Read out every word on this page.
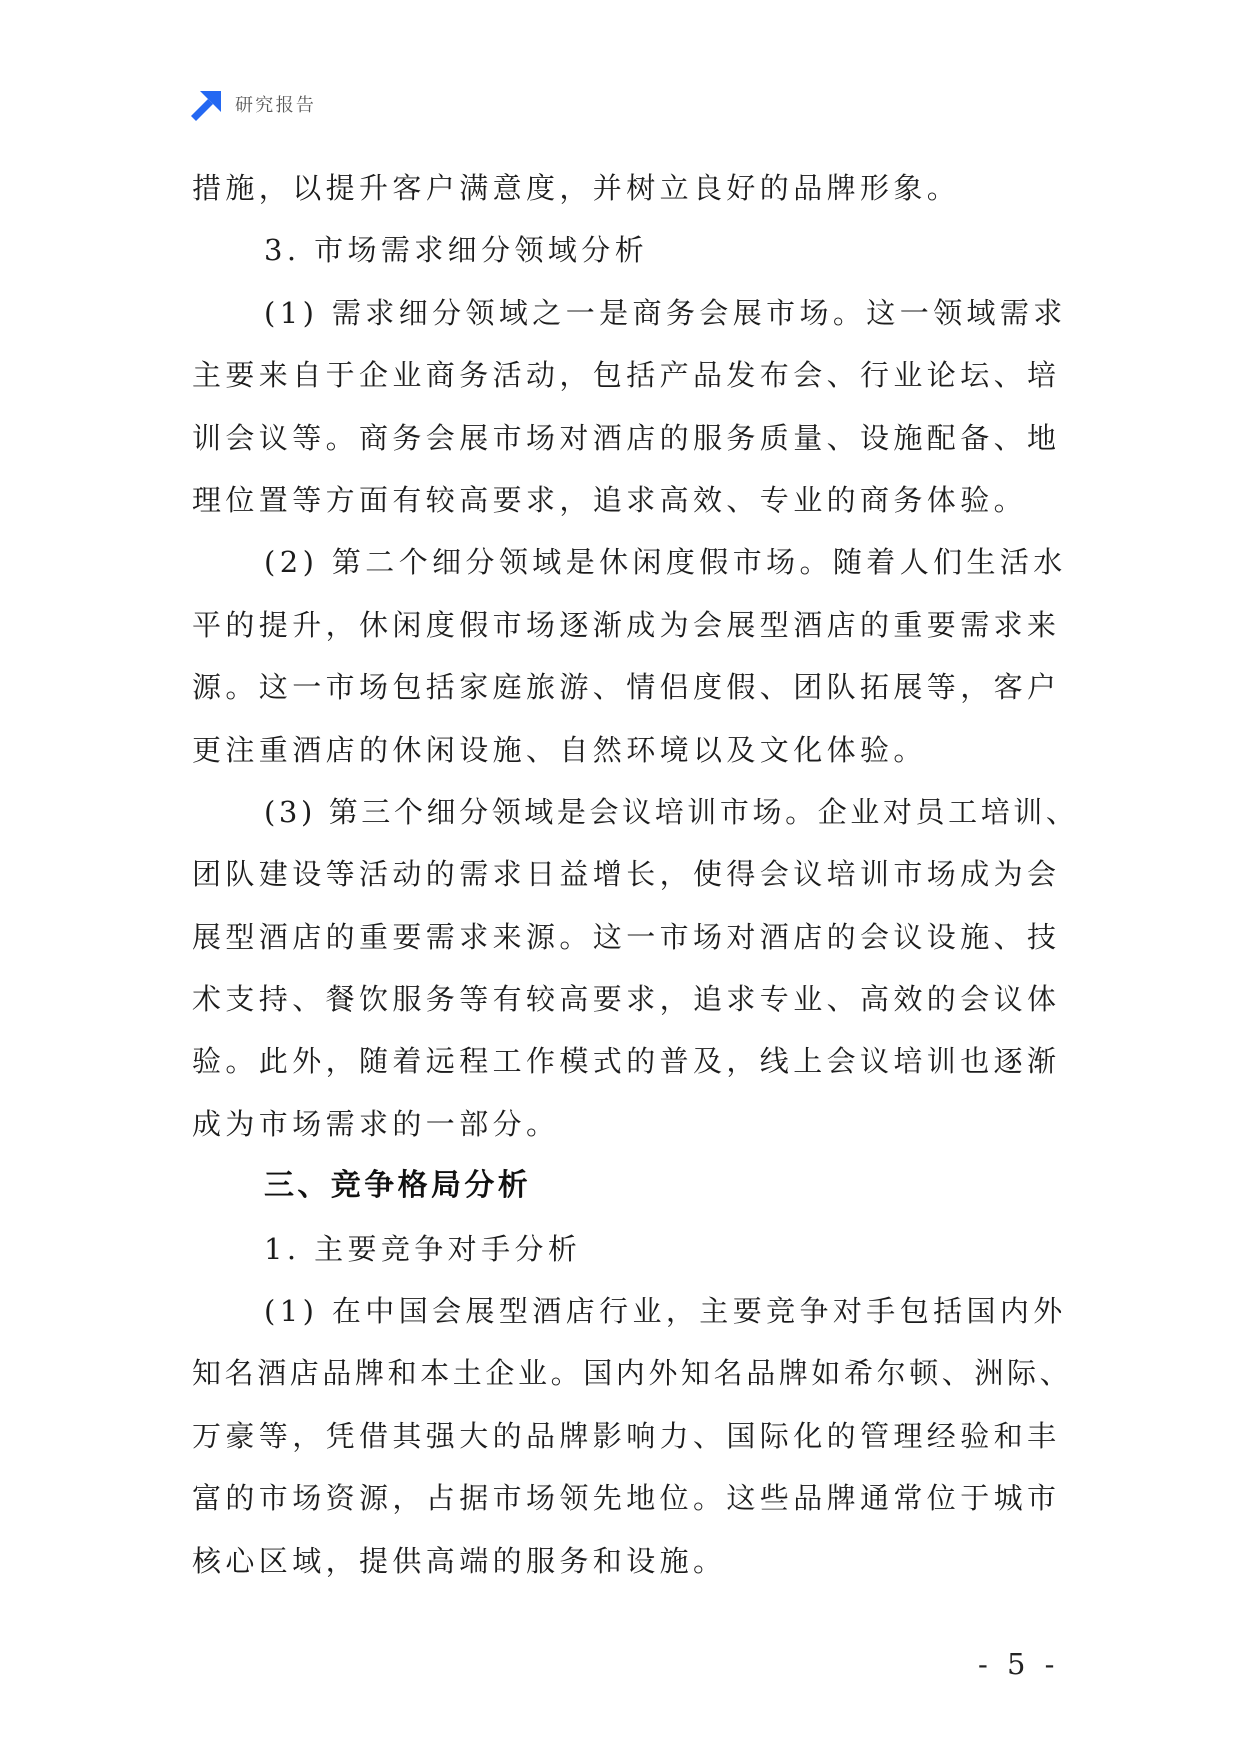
研究报告
措施，以提升客户满意度，并树立良好的品牌形象。
3. 市场需求细分领域分析
(1) 需求细分领域之一是商务会展市场。这一领域需求
主要来自于企业商务活动，包括产品发布会、行业论坛、培
训会议等。商务会展市场对酒店的服务质量、设施配备、地
理位置等方面有较高要求，追求高效、专业的商务体验。
(2) 第二个细分领域是休闲度假市场。随着人们生活水
平的提升，休闲度假市场逐渐成为会展型酒店的重要需求来
源。这一市场包括家庭旅游、情侣度假、团队拓展等，客户
更注重酒店的休闲设施、自然环境以及文化体验。
(3) 第三个细分领域是会议培训市场。企业对员工培训、
团队建设等活动的需求日益增长，使得会议培训市场成为会
展型酒店的重要需求来源。这一市场对酒店的会议设施、技
术支持、餐饮服务等有较高要求，追求专业、高效的会议体
验。此外，随着远程工作模式的普及，线上会议培训也逐渐
成为市场需求的一部分。
三、竞争格局分析
1. 主要竞争对手分析
(1) 在中国会展型酒店行业，主要竞争对手包括国内外
知名酒店品牌和本土企业。国内外知名品牌如希尔顿、洲际、
万豪等，凭借其强大的品牌影响力、国际化的管理经验和丰
富的市场资源，占据市场领先地位。这些品牌通常位于城市
核心区域，提供高端的服务和设施。
- 5 -
